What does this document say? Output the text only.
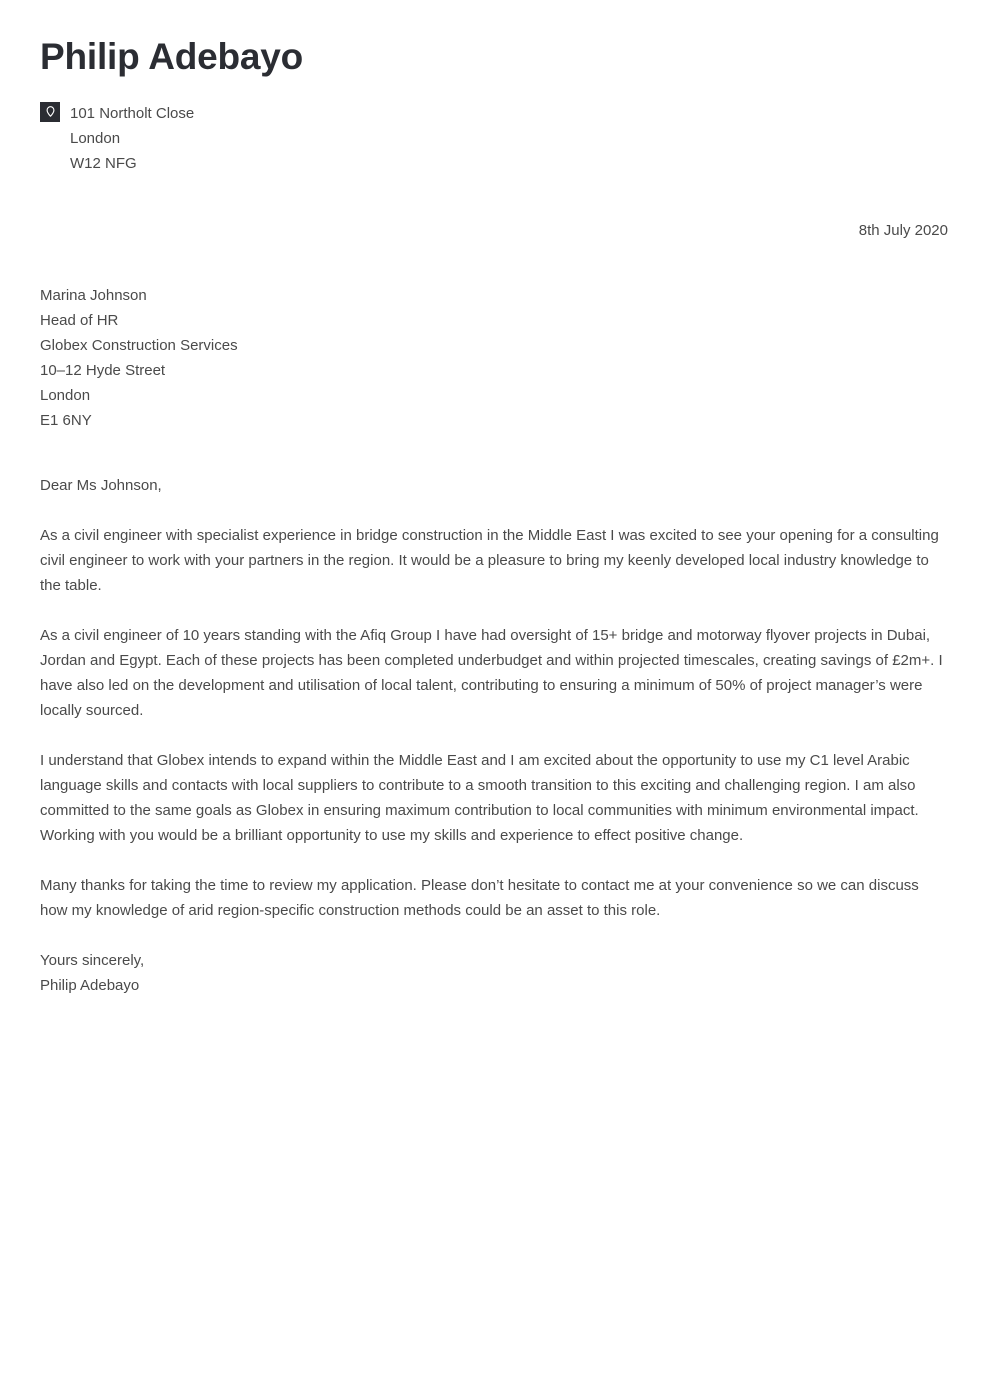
Philip Adebayo
101 Northolt Close
London
W12 NFG
8th July 2020
Marina Johnson
Head of HR
Globex Construction Services
10–12 Hyde Street
London
E1 6NY
Dear Ms Johnson,

As a civil engineer with specialist experience in bridge construction in the Middle East I was excited to see your opening for a consulting civil engineer to work with your partners in the region. It would be a pleasure to bring my keenly developed local industry knowledge to the table.

As a civil engineer of 10 years standing with the Afiq Group I have had oversight of 15+ bridge and motorway flyover projects in Dubai, Jordan and Egypt. Each of these projects has been completed underbudget and within projected timescales, creating savings of £2m+. I have also led on the development and utilisation of local talent, contributing to ensuring a minimum of 50% of project manager’s were locally sourced.

I understand that Globex intends to expand within the Middle East and I am excited about the opportunity to use my C1 level Arabic language skills and contacts with local suppliers to contribute to a smooth transition to this exciting and challenging region. I am also committed to the same goals as Globex in ensuring maximum contribution to local communities with minimum environmental impact. Working with you would be a brilliant opportunity to use my skills and experience to effect positive change.

Many thanks for taking the time to review my application. Please don’t hesitate to contact me at your convenience so we can discuss how my knowledge of arid region-specific construction methods could be an asset to this role.

Yours sincerely,
Philip Adebayo
